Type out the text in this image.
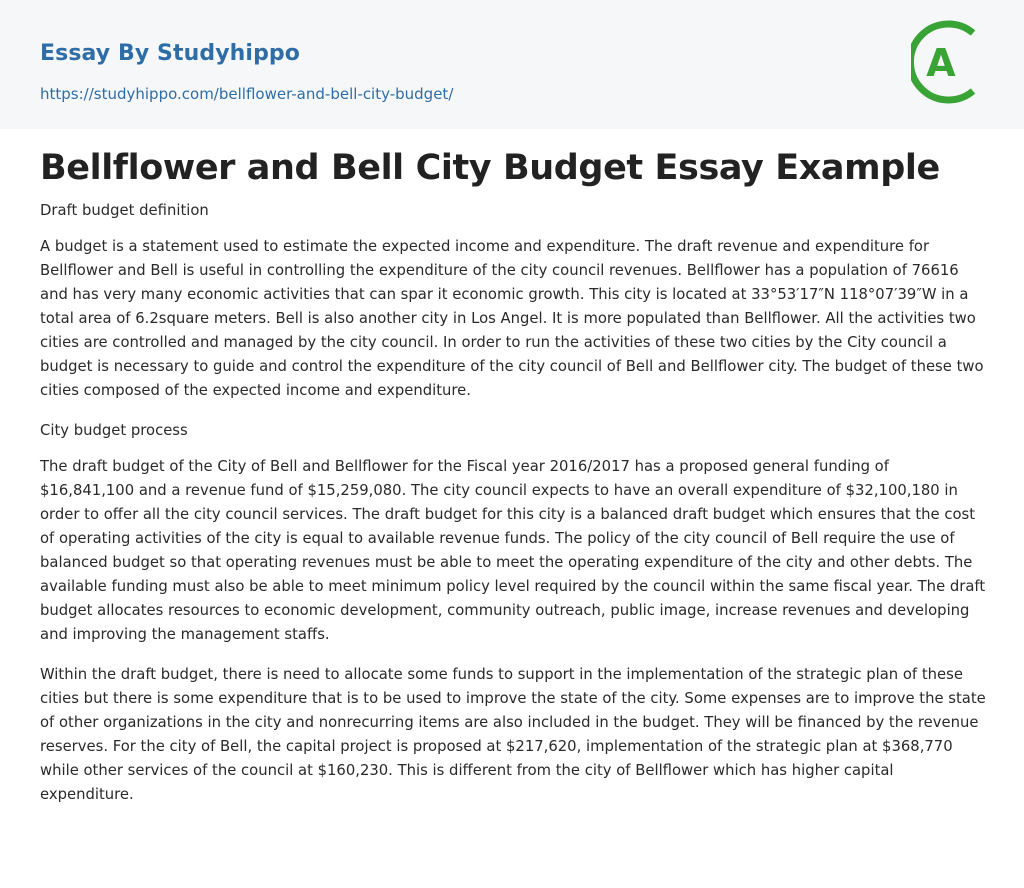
Essay By Studyhippo
https://studyhippo.com/bellflower-and-bell-city-budget/
A
Bellflower and Bell City Budget Essay Example

Draft budget definition

A budget is a statement used to estimate the expected income and expenditure. The draft revenue and expenditure for Bellflower and Bell is useful in controlling the expenditure of the city council revenues. Bellflower has a population of 76616 and has very many economic activities that can spar it economic growth. This city is located at 33°53′17″N 118°07′39″W in a total area of 6.2square meters. Bell is also another city in Los Angel. It is more populated than Bellflower. All the activities two cities are controlled and managed by the city council. In order to run the activities of these two cities by the City council a budget is necessary to guide and control the expenditure of the city council of Bell and Bellflower city. The budget of these two cities composed of the expected income and expenditure.

City budget process

The draft budget of the City of Bell and Bellflower for the Fiscal year 2016/2017 has a proposed general funding of $16,841,100 and a revenue fund of $15,259,080. The city council expects to have an overall expenditure of $32,100,180 in order to offer all the city council services. The draft budget for this city is a balanced draft budget which ensures that the cost of operating activities of the city is equal to available revenue funds. The policy of the city council of Bell require the use of balanced budget so that operating revenues must be able to meet the operating expenditure of the city and other debts. The available funding must also be able to meet minimum policy level required by the council within the same fiscal year. The draft budget allocates resources to economic development, community outreach, public image, increase revenues and developing and improving the management staffs.

Within the draft budget, there is need to allocate some funds to support in the implementation of the strategic plan of these cities but there is some expenditure that is to be used to improve the state of the city. Some expenses are to improve the state of other organizations in the city and nonrecurring items are also included in the budget. They will be financed by the revenue reserves. For the city of Bell, the capital project is proposed at $217,620, implementation of the strategic plan at $368,770 while other services of the council at $160,230. This is different from the city of Bellflower which has higher capital expenditure.
